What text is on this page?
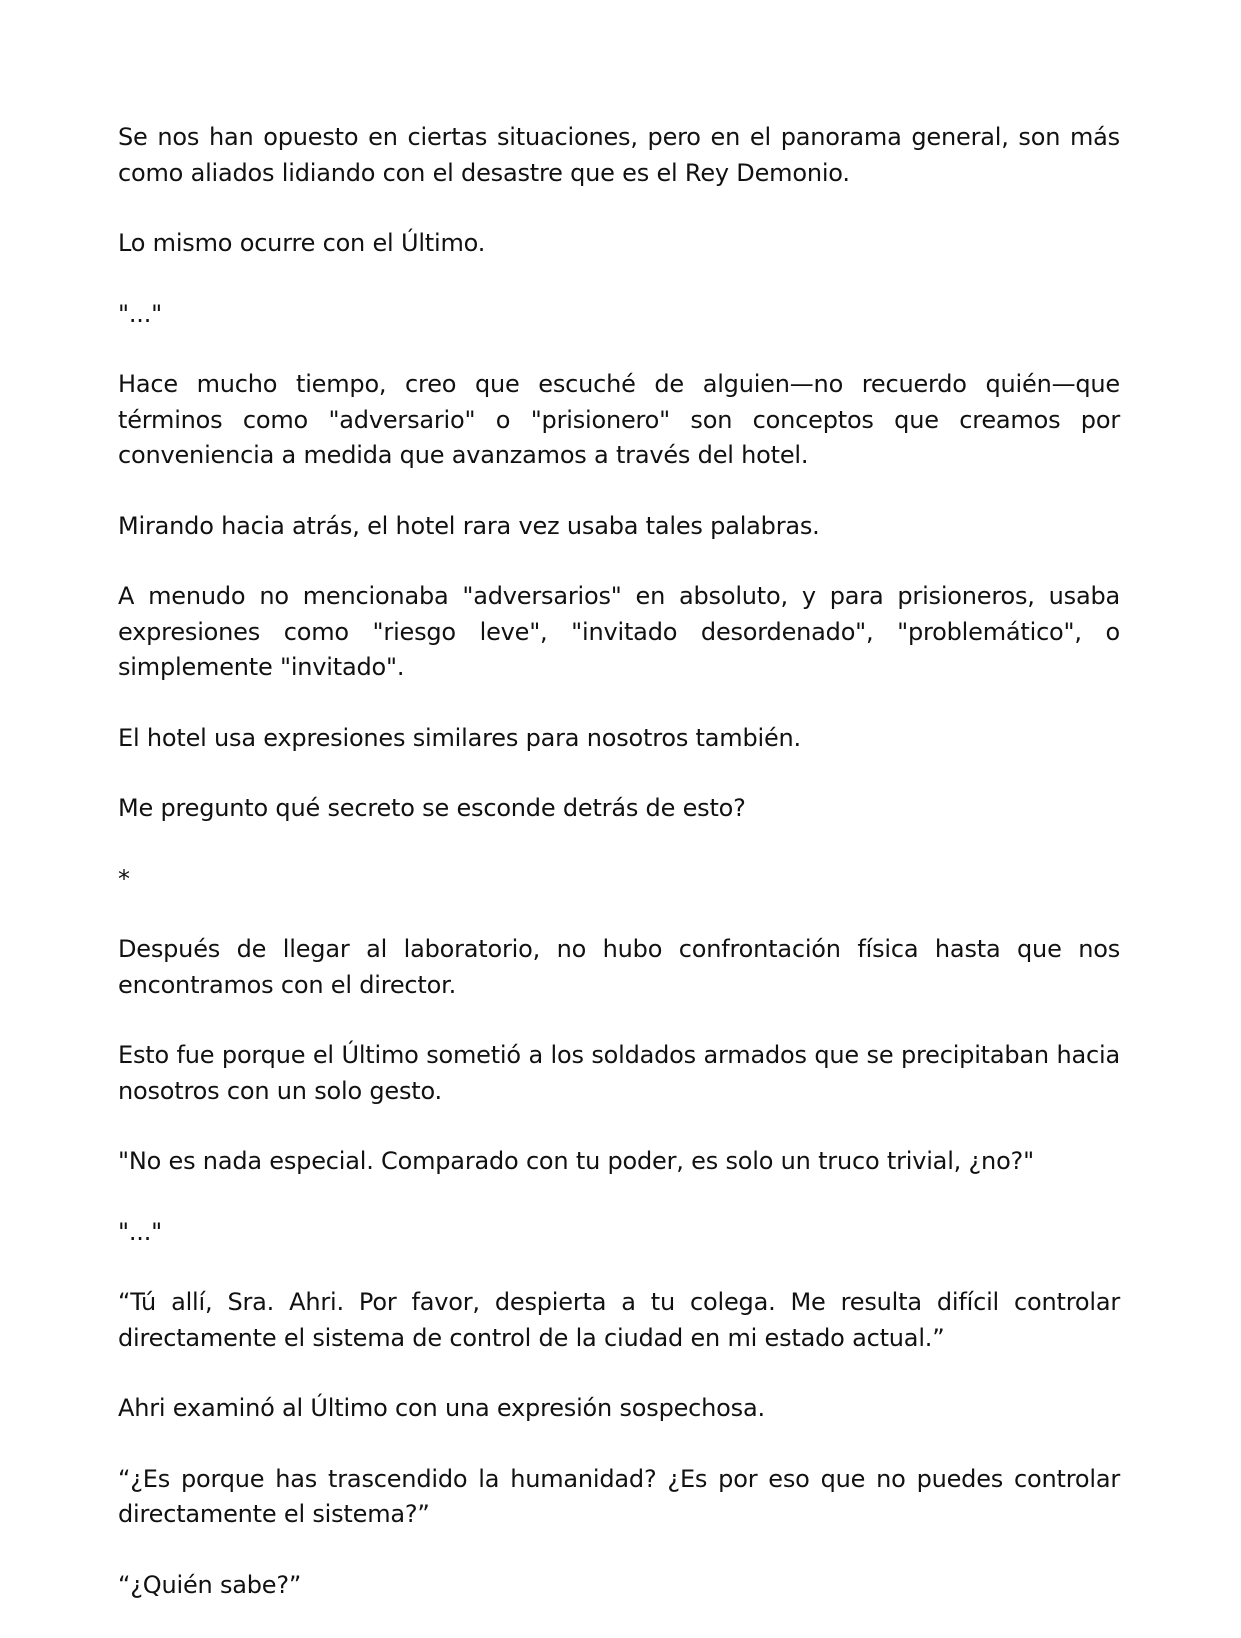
Se nos han opuesto en ciertas situaciones, pero en el panorama general, son más como aliados lidiando con el desastre que es el Rey Demonio.

Lo mismo ocurre con el Último.

"..."

Hace mucho tiempo, creo que escuché de alguien—no recuerdo quién—que términos como "adversario" o "prisionero" son conceptos que creamos por conveniencia a medida que avanzamos a través del hotel.

Mirando hacia atrás, el hotel rara vez usaba tales palabras.

A menudo no mencionaba "adversarios" en absoluto, y para prisioneros, usaba expresiones como "riesgo leve", "invitado desordenado", "problemático", o simplemente "invitado".

El hotel usa expresiones similares para nosotros también.

Me pregunto qué secreto se esconde detrás de esto?

*

Después de llegar al laboratorio, no hubo confrontación física hasta que nos encontramos con el director.

Esto fue porque el Último sometió a los soldados armados que se precipitaban hacia nosotros con un solo gesto.

"No es nada especial. Comparado con tu poder, es solo un truco trivial, ¿no?"

"..."

“Tú allí, Sra. Ahri. Por favor, despierta a tu colega. Me resulta difícil controlar directamente el sistema de control de la ciudad en mi estado actual.”

Ahri examinó al Último con una expresión sospechosa.

“¿Es porque has trascendido la humanidad? ¿Es por eso que no puedes controlar directamente el sistema?”

“¿Quién sabe?”
